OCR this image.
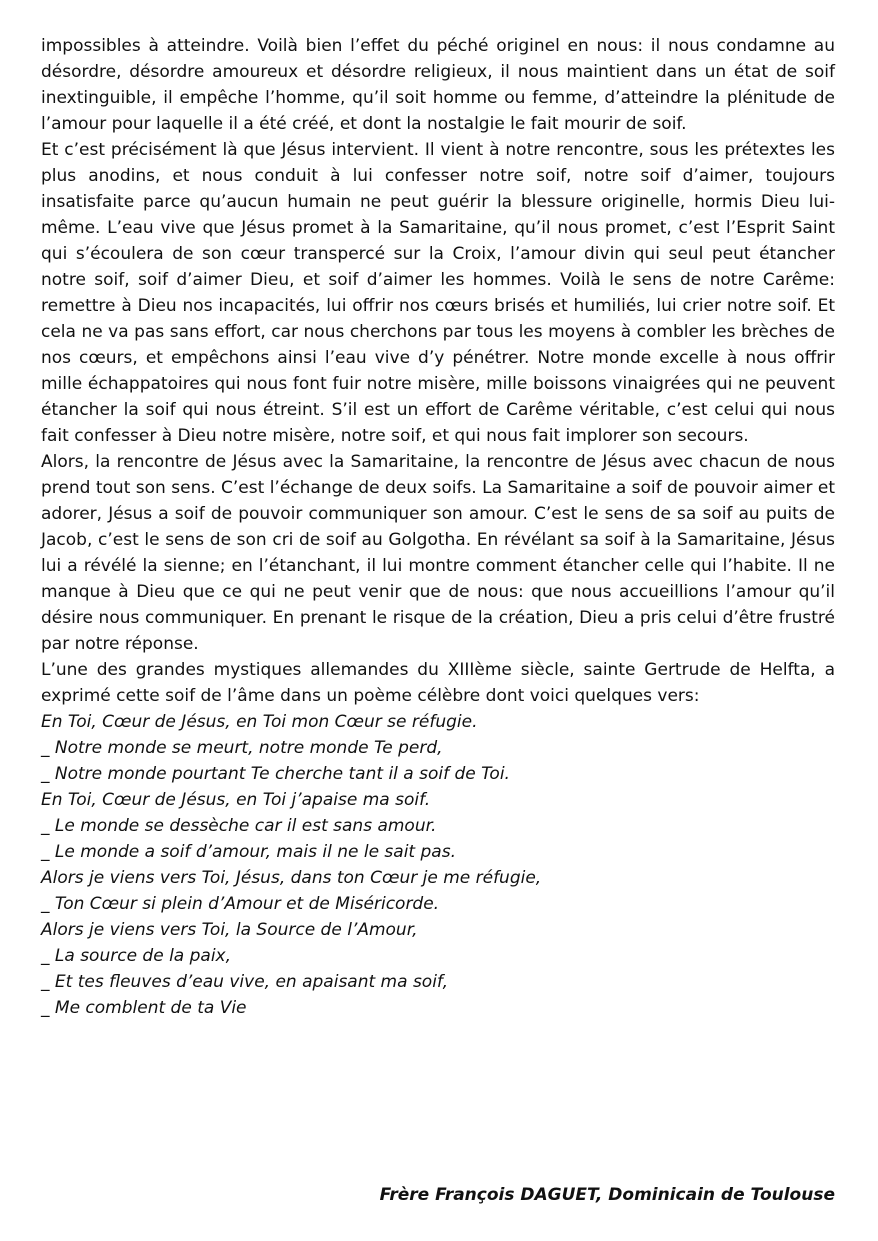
impossibles à atteindre. Voilà bien l’effet du péché originel en nous: il nous condamne au désordre, désordre amoureux et désordre religieux, il nous maintient dans un état de soif inextinguible, il empêche l’homme, qu’il soit homme ou femme, d’atteindre la plénitude de l’amour pour laquelle il a été créé, et dont la nostalgie le fait mourir de soif.

Et c’est précisément là que Jésus intervient. Il vient à notre rencontre, sous les prétextes les plus anodins, et nous conduit à lui confesser notre soif, notre soif d’aimer, toujours insatisfaite parce qu’aucun humain ne peut guérir la blessure originelle, hormis Dieu lui-même. L’eau vive que Jésus promet à la Samaritaine, qu’il nous promet, c’est l’Esprit Saint qui s’écoulera de son cœur transpercé sur la Croix, l’amour divin qui seul peut étancher notre soif, soif d’aimer Dieu, et soif d’aimer les hommes. Voilà le sens de notre Carême: remettre à Dieu nos incapacités, lui offrir nos cœurs brisés et humiliés, lui crier notre soif. Et cela ne va pas sans effort, car nous cherchons par tous les moyens à combler les brèches de nos cœurs, et empêchons ainsi l’eau vive d’y pénétrer. Notre monde excelle à nous offrir mille échappatoires qui nous font fuir notre misère, mille boissons vinaigrées qui ne peuvent étancher la soif qui nous étreint. S’il est un effort de Carême véritable, c’est celui qui nous fait confesser à Dieu notre misère, notre soif, et qui nous fait implorer son secours.

Alors, la rencontre de Jésus avec la Samaritaine, la rencontre de Jésus avec chacun de nous prend tout son sens. C’est l’échange de deux soifs. La Samaritaine a soif de pouvoir aimer et adorer, Jésus a soif de pouvoir communiquer son amour. C’est le sens de sa soif au puits de Jacob, c’est le sens de son cri de soif au Golgotha. En révélant sa soif à la Samaritaine, Jésus lui a révélé la sienne; en l’étanchant, il lui montre comment étancher celle qui l’habite. Il ne manque à Dieu que ce qui ne peut venir que de nous: que nous accueillions l’amour qu’il désire nous communiquer. En prenant le risque de la création, Dieu a pris celui d’être frustré par notre réponse.

L’une des grandes mystiques allemandes du XIIIème siècle, sainte Gertrude de Helfta, a exprimé cette soif de l’âme dans un poème célèbre dont voici quelques vers:

En Toi, Cœur de Jésus, en Toi mon Cœur se réfugie.

_ Notre monde se meurt, notre monde Te perd,

_ Notre monde pourtant Te cherche tant il a soif de Toi.

En Toi, Cœur de Jésus, en Toi j’apaise ma soif.

_ Le monde se dessèche car il est sans amour.

_ Le monde a soif d’amour, mais il ne le sait pas.

Alors je viens vers Toi, Jésus, dans ton Cœur je me réfugie,

_ Ton Cœur si plein d’Amour et de Miséricorde.

Alors je viens vers Toi, la Source de l’Amour,

_ La source de la paix,

_ Et tes fleuves d’eau vive, en apaisant ma soif,

_ Me comblent de ta Vie

Frère François DAGUET, Dominicain de Toulouse
